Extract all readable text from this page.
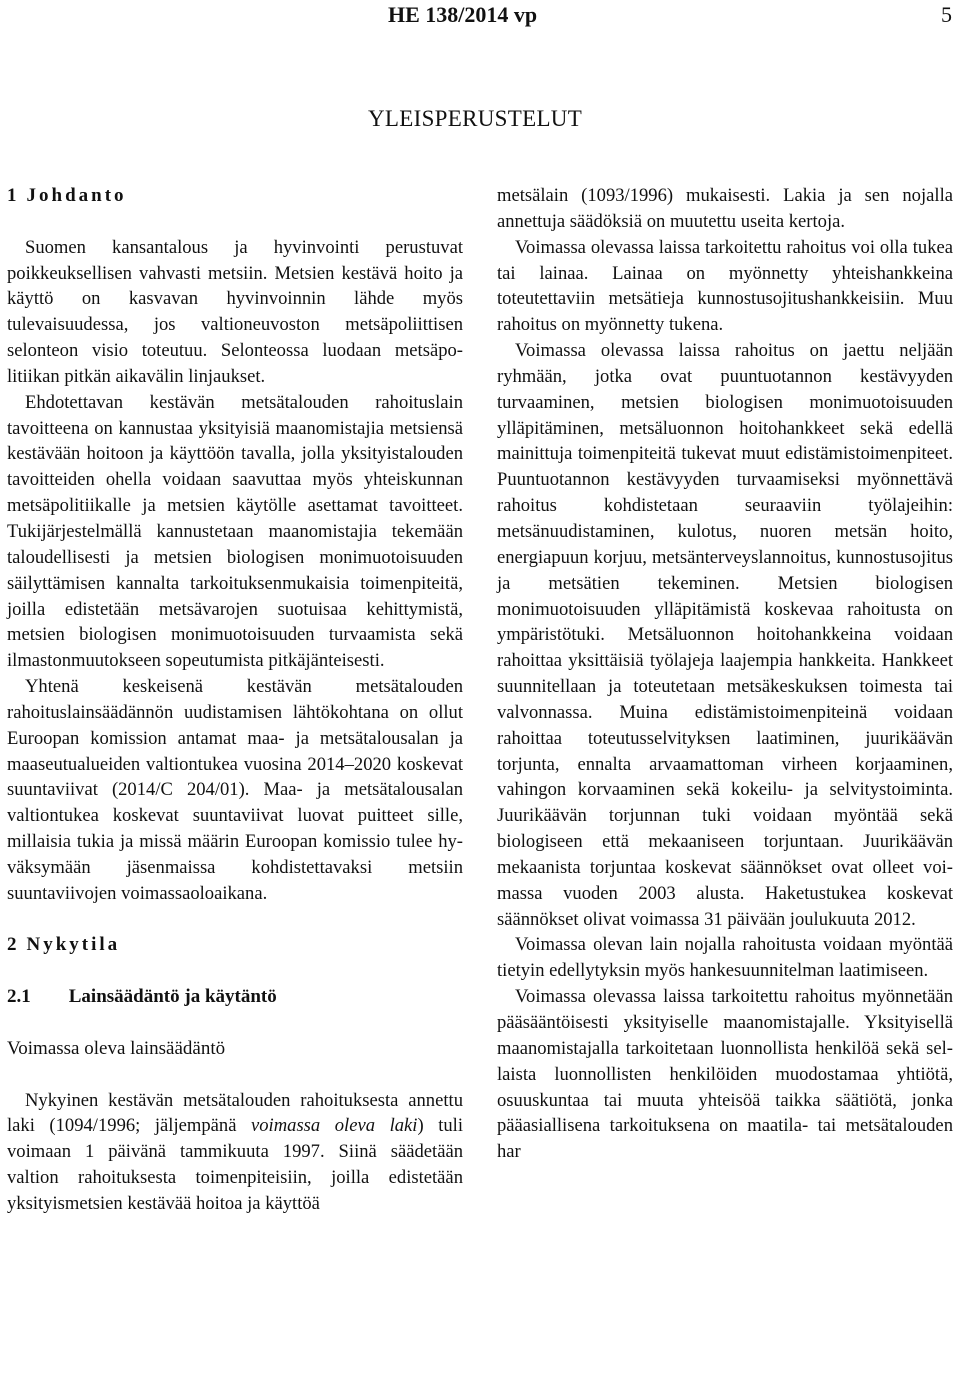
HE 138/2014 vp	5
YLEISPERUSTELUT

1 Johdanto

Suomen kansantalous ja hyvinvointi perustuvat poikkeuksellisen vahvasti metsiin. Metsien kestävä hoito ja käyttö on kasvavan hyvinvoinnin lähde myös tulevaisuudessa, jos valtioneuvoston metsäpoliittisen selonteon visio toteutuu. Selonteossa luodaan metsäpolitiikan pitkän aikavälin linjaukset.

Ehdotettavan kestävän metsätalouden rahoituslain tavoitteena on kannustaa yksityisiä maanomistajia metsiensä kestävään hoitoon ja käyttöön tavalla, jolla yksityistalouden tavoitteiden ohella voidaan saavuttaa myös yhteiskunnan metsäpolitiikalle ja metsien käytölle asettamat tavoitteet. Tukijärjestelmällä kannustetaan maanomistajia tekemään taloudellisesti ja metsien biologisen monimuotoisuuden säilyttämisen kannalta tarkoituksenmukaisia toimenpiteitä, joilla edistetään metsävarojen suotuisaa kehittymistä, metsien biologisen monimuotoisuuden turvaamista sekä ilmastonmuutokseen sopeutumista pitkäjänteisesti.

Yhtenä keskeisenä kestävän metsätalouden rahoituslainsäädännön uudistamisen lähtökohtana on ollut Euroopan komission antamat maa- ja metsätalousalan ja maaseutualueiden valtiontukea vuosina 2014–2020 koskevat suuntaviivat (2014/C 204/01). Maa- ja metsätalousalan valtiontukea koskevat suuntaviivat luovat puitteet sille, millaisia tukia ja missä määrin Euroopan komissio tulee hyväksymään jäsenmaissa kohdistettavaksi metsiin suuntaviivojen voimassaoloaikana.

2 Nykytila

2.1 Lainsäädäntö ja käytäntö

Voimassa oleva lainsäädäntö

Nykyinen kestävän metsätalouden rahoituksesta annettu laki (1094/1996; jäljempänä voimassa oleva laki) tuli voimaan 1 päivänä tammikuuta 1997. Siinä säädetään valtion rahoituksesta toimenpiteisiin, joilla edistetään yksityismetsien kestävää hoitoa ja käyttöä

metsälain (1093/1996) mukaisesti. Lakia ja sen nojalla annettuja säädöksiä on muutettu useita kertoja.

Voimassa olevassa laissa tarkoitettu rahoitus voi olla tukea tai lainaa. Lainaa on myönnetty yhteishankkeina toteutettaviin metsätieja kunnostusojitushankkeisiin. Muu rahoitus on myönnetty tukena.

Voimassa olevassa laissa rahoitus on jaettu neljään ryhmään, jotka ovat puuntuotannon kestävyyden turvaaminen, metsien biologisen monimuotoisuuden ylläpitäminen, metsäluonnon hoitohankkeet sekä edellä mainittuja toimenpiteitä tukevat muut edistämistoimenpiteet. Puuntuotannon kestävyyden turvaamiseksi myönnettävä rahoitus kohdistetaan seuraaviin työlajeihin: metsänuudistaminen, kulotus, nuoren metsän hoito, energiapuun korjuu, metsänterveyslannoitus, kunnostusojitus ja metsätien tekeminen. Metsien biologisen monimuotoisuuden ylläpitämistä koskevaa rahoitusta on ympäristötuki. Metsäluonnon hoitohankkeina voidaan rahoittaa yksittäisiä työlajeja laajempia hankkeita. Hankkeet suunnitellaan ja toteutetaan metsäkeskuksen toimesta tai valvonnassa. Muina edistämistoimenpiteinä voidaan rahoittaa toteutusselvityksen laatiminen, juurikäävän torjunta, ennalta arvaamattoman virheen korjaaminen, vahingon korvaaminen sekä kokeilu- ja selvitystoiminta. Juurikäävän torjunnan tuki voidaan myöntää sekä biologiseen että mekaaniseen torjuntaan. Juurikäävän mekaanista torjuntaa koskevat säännökset ovat olleet voimassa vuoden 2003 alusta. Haketustukea koskevat säännökset olivat voimassa 31 päivään joulukuuta 2012.

Voimassa olevan lain nojalla rahoitusta voidaan myöntää tietyin edellytyksin myös hankesuunnitelman laatimiseen.

Voimassa olevassa laissa tarkoitettu rahoitus myönnetään pääsääntöisesti yksityiselle maanomistajalle. Yksityisellä maanomistajalla tarkoitetaan luonnollista henkilöä sekä sellaista luonnollisten henkilöiden muodostamaa yhtiötä, osuuskuntaa tai muuta yhteisöä taikka säätiötä, jonka pääasiallisena tarkoituksena on maatila- tai metsätalouden har
